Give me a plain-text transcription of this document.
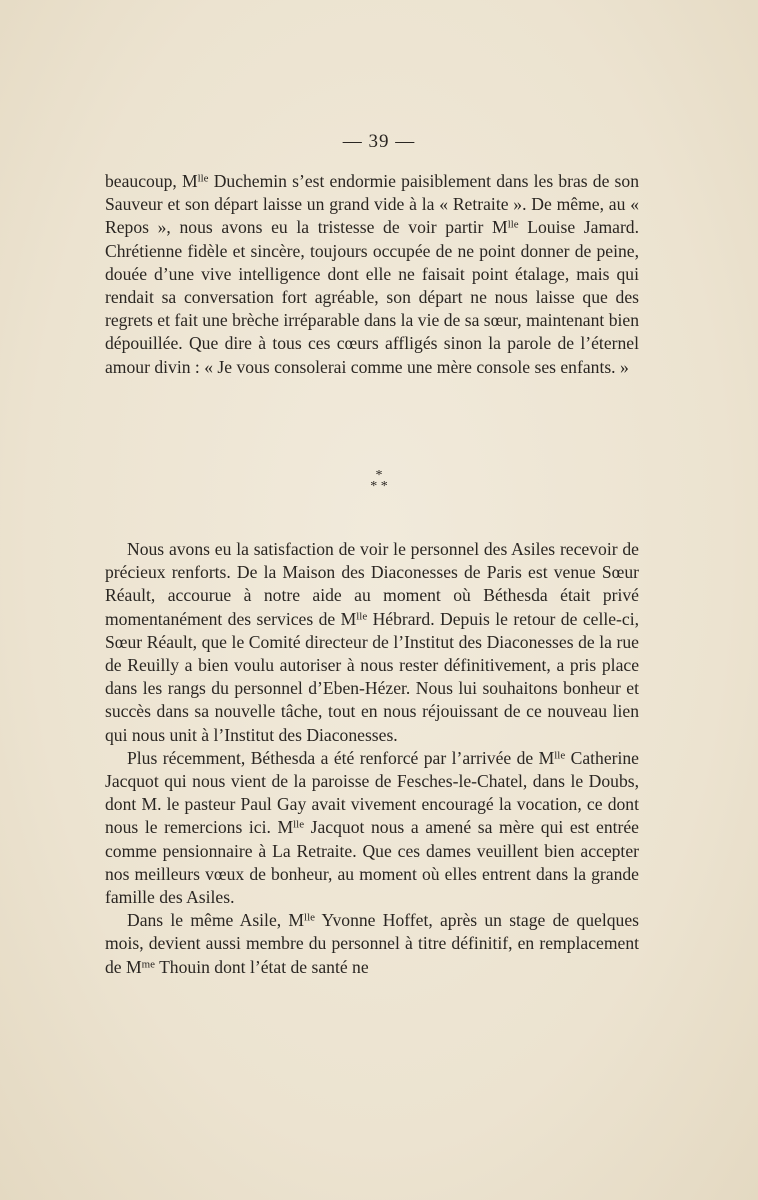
— 39 —

beaucoup, $M^{lle}$ Duchemin s’est endormie paisiblement dans les bras de son Sauveur et son départ laisse un grand vide à la « Retraite ». De même, au « Repos », nous avons eu la tristesse de voir partir $M^{lle}$ Louise Jamard. Chrétienne fidèle et sincère, toujours occupée de ne point donner de peine, douée d’une vive intelligence dont elle ne faisait point étalage, mais qui rendait sa conversation fort agréable, son départ ne nous laisse que des regrets et fait une brèche irréparable dans la vie de sa sœur, maintenant bien dépouillée. Que dire à tous ces cœurs affligés sinon la parole de l’éternel amour divin : « Je vous consolerai comme une mère console ses enfants. »

*
* *

Nous avons eu la satisfaction de voir le personnel des Asiles recevoir de précieux renforts. De la Maison des Diaconesses de Paris est venue Sœur Réault, accourue à notre aide au moment où Béthesda était privé momentanément des services de $M^{lle}$ Hébrard. Depuis le retour de celle-ci, Sœur Réault, que le Comité directeur de l’Institut des Diaconesses de la rue de Reuilly a bien voulu autoriser à nous rester définitivement, a pris place dans les rangs du personnel d’Eben-Hézer. Nous lui souhaitons bonheur et succès dans sa nouvelle tâche, tout en nous réjouissant de ce nouveau lien qui nous unit à l’Institut des Diaconesses.

Plus récemment, Béthesda a été renforcé par l’arrivée de $M^{lle}$ Catherine Jacquot qui nous vient de la paroisse de Fesches-le-Chatel, dans le Doubs, dont M. le pasteur Paul Gay avait vivement encouragé la vocation, ce dont nous le remercions ici. $M^{lle}$ Jacquot nous a amené sa mère qui est entrée comme pensionnaire à La Retraite. Que ces dames veuillent bien accepter nos meilleurs vœux de bonheur, au moment où elles entrent dans la grande famille des Asiles.

Dans le même Asile, $M^{lle}$ Yvonne Hoffet, après un stage de quelques mois, devient aussi membre du personnel à titre définitif, en remplacement de $M^{me}$ Thouin dont l’état de santé ne
